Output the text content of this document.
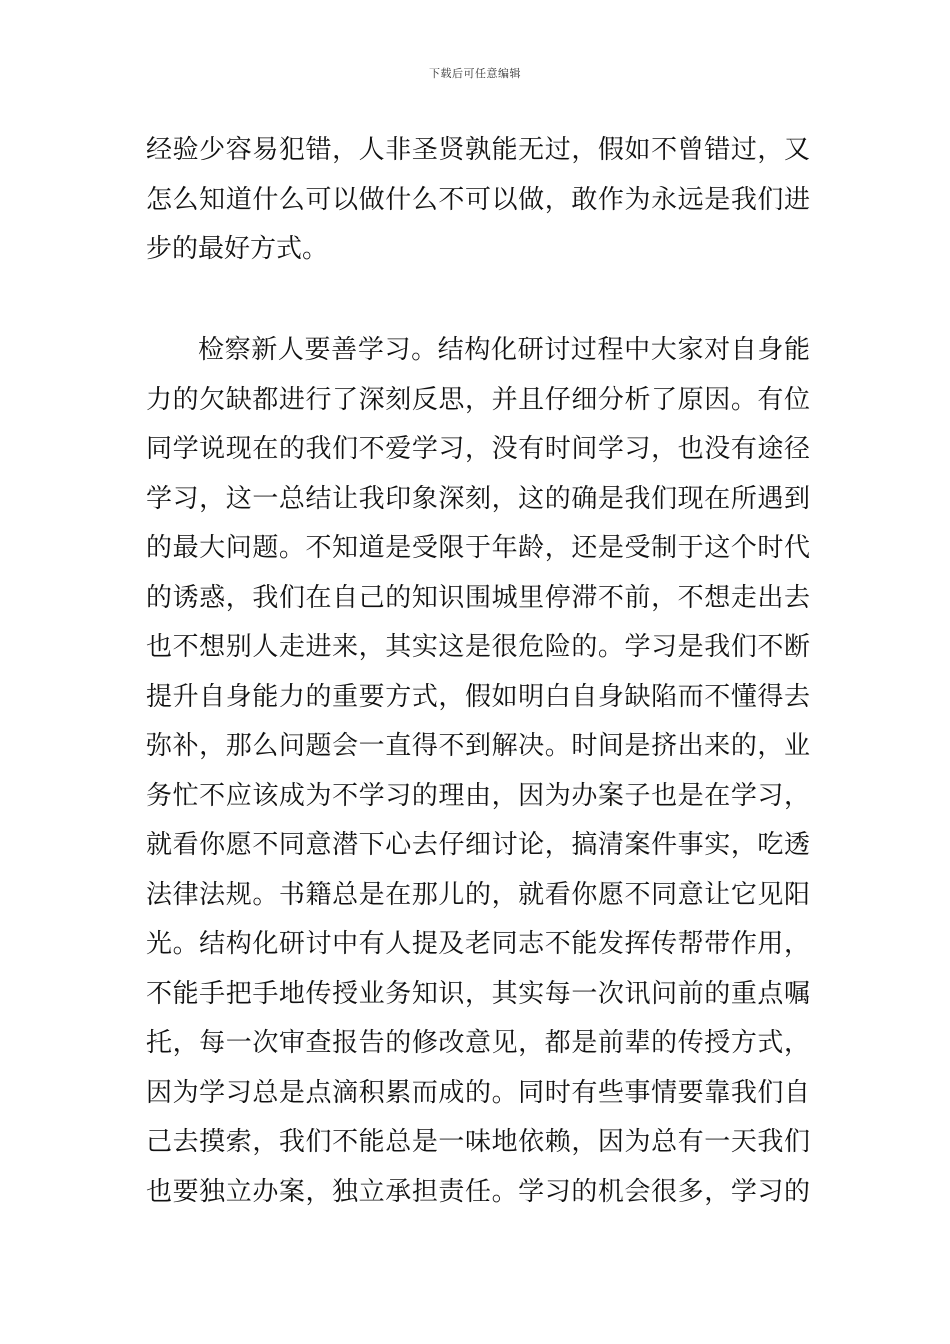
下载后可任意编辑
经验少容易犯错，人非圣贤孰能无过，假如不曾错过，又
怎么知道什么可以做什么不可以做，敢作为永远是我们进
步的最好方式。
检察新人要善学习。结构化研讨过程中大家对自身能
力的欠缺都进行了深刻反思，并且仔细分析了原因。有位
同学说现在的我们不爱学习，没有时间学习，也没有途径
学习，这一总结让我印象深刻，这的确是我们现在所遇到
的最大问题。不知道是受限于年龄，还是受制于这个时代
的诱惑，我们在自己的知识围城里停滞不前，不想走出去
也不想别人走进来，其实这是很危险的。学习是我们不断
提升自身能力的重要方式，假如明白自身缺陷而不懂得去
弥补，那么问题会一直得不到解决。时间是挤出来的，业
务忙不应该成为不学习的理由，因为办案子也是在学习，
就看你愿不同意潜下心去仔细讨论，搞清案件事实，吃透
法律法规。书籍总是在那儿的，就看你愿不同意让它见阳
光。结构化研讨中有人提及老同志不能发挥传帮带作用，
不能手把手地传授业务知识，其实每一次讯问前的重点嘱
托，每一次审查报告的修改意见，都是前辈的传授方式，
因为学习总是点滴积累而成的。同时有些事情要靠我们自
己去摸索，我们不能总是一味地依赖，因为总有一天我们
也要独立办案，独立承担责任。学习的机会很多，学习的
